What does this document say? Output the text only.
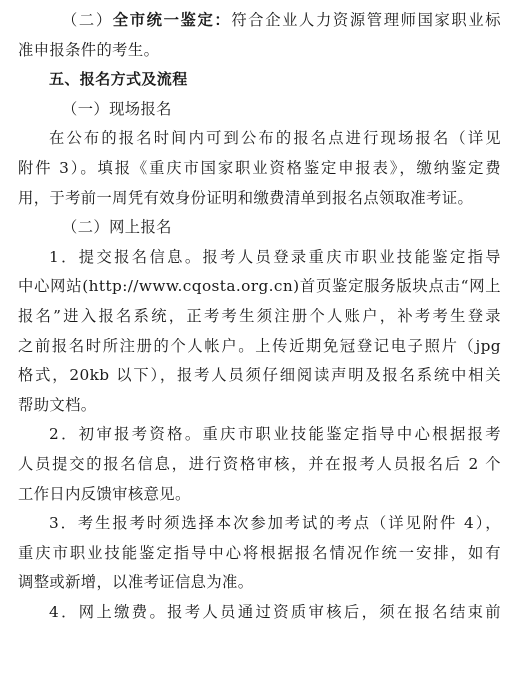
（二）全市统一鉴定：符合企业人力资源管理师国家职业标
准申报条件的考生。
五、报名方式及流程
（一）现场报名
在公布的报名时间内可到公布的报名点进行现场报名（详见
附件 3）。填报《重庆市国家职业资格鉴定申报表》，缴纳鉴定费
用，于考前一周凭有效身份证明和缴费清单到报名点领取准考证。
（二）网上报名
1．提交报名信息。报考人员登录重庆市职业技能鉴定指导
中心网站(http://www.cqosta.org.cn)首页鉴定服务版块点击“网上
报名”进入报名系统，正考考生须注册个人账户，补考考生登录
之前报名时所注册的个人帐户。上传近期免冠登记电子照片（jpg
格式，20kb 以下），报考人员须仔细阅读声明及报名系统中相关
帮助文档。
2．初审报考资格。重庆市职业技能鉴定指导中心根据报考
人员提交的报名信息，进行资格审核，并在报考人员报名后 2 个
工作日内反馈审核意见。
3．考生报考时须选择本次参加考试的考点（详见附件 4），
重庆市职业技能鉴定指导中心将根据报名情况作统一安排，如有
调整或新增，以准考证信息为准。
4．网上缴费。报考人员通过资质审核后，须在报名结束前
